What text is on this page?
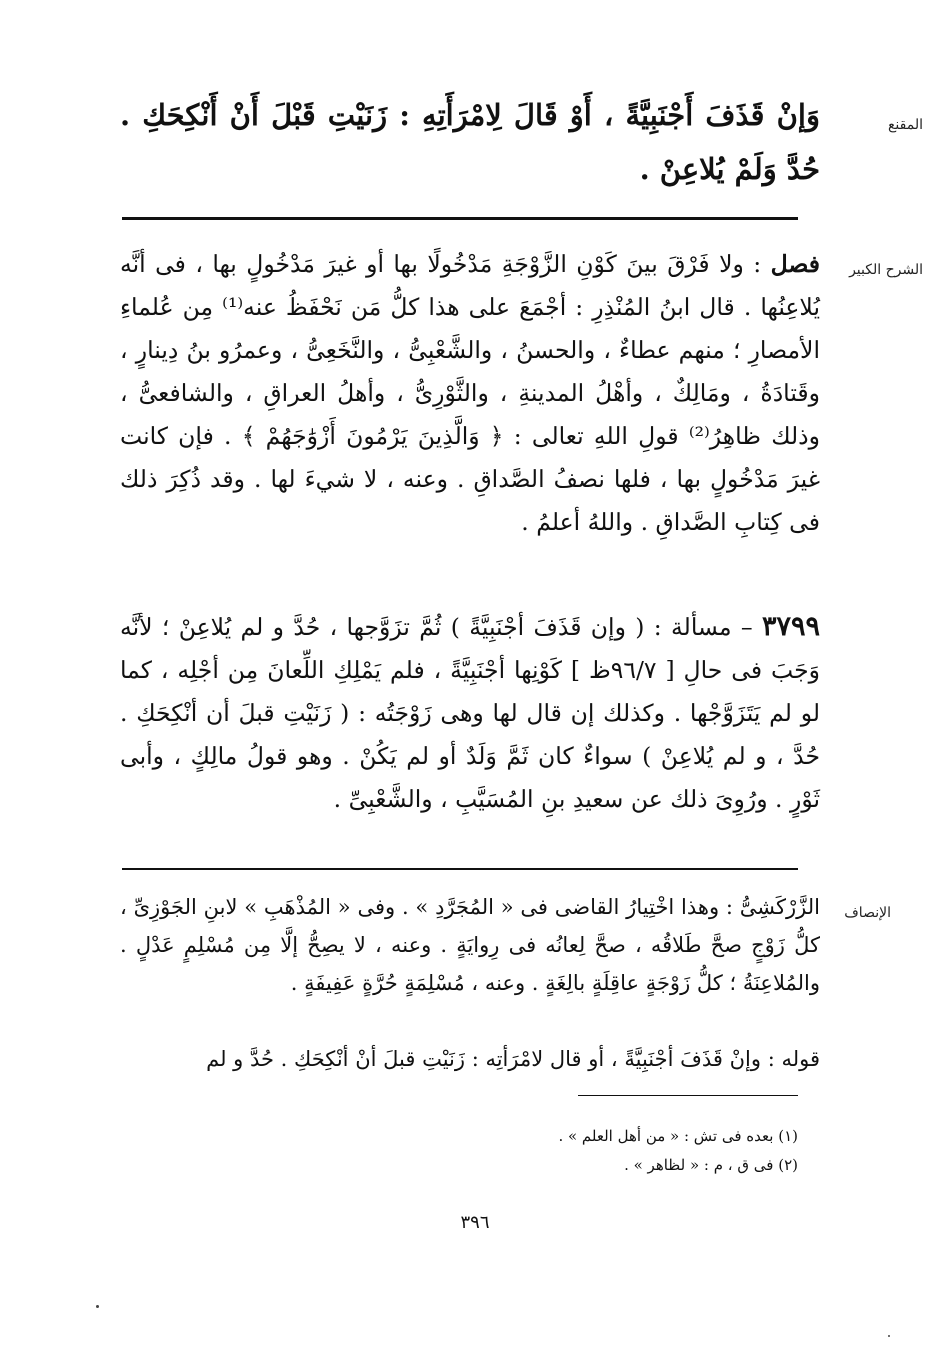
المقنع
وَإنْ قَذَفَ أَجْنَبِيَّةً ، أَوْ قَالَ لِامْرَأَتِهِ : زَنَيْتِ قَبْلَ أَنْ أَنْكِحَكِ . حُدَّ وَلَمْ يُلاعِنْ .
الشرح الكبير
فصل : ولا فَرْقَ بينَ كَوْنِ الزَّوْجَةِ مَدْخُولًا بها أو غيرَ مَدْخُولٍ بها ، فى أنَّه يُلاعِنُها . قال ابنُ المُنْذِرِ : أجْمَعَ على هذا كلُّ مَن نَحْفَظُ عنه⁽¹⁾ مِن عُلماءِ الأمصارِ ؛ منهم عطاءٌ ، والحسنُ ، والشَّعْبِىُّ ، والنَّخَعِىُّ ، وعمرُو بنُ دِينارٍ ، وقَتادَةُ ، ومَالِكٌ ، وأهْلُ المدينةِ ، والثَّوْرِىُّ ، وأهلُ العراقِ ، والشافعىُّ ، وذلك ظاهِرُ⁽²⁾ قولِ اللهِ تعالى : ﴿ وَالَّذِينَ يَرْمُونَ أَزْوَٰجَهُمْ ﴾ . فإن كانت غيرَ مَدْخُولٍ بها ، فلها نصفُ الصَّداقِ . وعنه ، لا شيءَ لها . وقد ذُكِرَ ذلك فى كِتابِ الصَّداقِ . واللهُ أعلمُ .
٣٧٩٩ – مسألة : ( وإن قَذَفَ أجْنَبِيَّةً ) ثُمَّ تزَوَّجها ، حُدَّ و لم يُلاعِنْ ؛ لأنَّه وَجَبَ فى حالِ [ ٩٦/٧ظ ] كَوْنِها أجْنَبِيَّةً ، فلم يَمْلِكِ اللِّعانَ مِن أجْلِه ، كما لو لم يَتَزَوَّجْها . وكذلك إن قال لها وهى زَوْجَتُه : ( زَنَيْتِ قبلَ أن أنْكِحَكِ . حُدَّ ، و لم يُلاعِنْ ) سواءٌ كان ثَمَّ وَلَدٌ أو لم يَكُنْ . وهو قولُ مالِكٍ ، وأبى ثَوْرٍ . ورُوِىَ ذلك عن سعيدِ بنِ المُسَيَّبِ ، والشَّعْبِىِّ .
الإنصاف
الزَّرْكَشِىُّ : وهذا اخْتِيارُ القاضى فى « المُجَرَّدِ » . وفى « المُذْهَبِ » لابنِ الجَوْزِىِّ ، كلُّ زَوْجٍ صحَّ طَلاقُه ، صحَّ لِعانُه فى رِوايَةٍ . وعنه ، لا يصِحُّ إلَّا مِن مُسْلِمٍ عَدْلٍ . والمُلاعِنَةُ ؛ كلُّ زَوْجَةٍ عاقِلَةٍ بالِغَةٍ . وعنه ، مُسْلِمَةٍ حُرَّةٍ عَفِيفَةٍ .
قوله : وإنْ قَذَفَ أجْنَبِيَّةً ، أو قال لامْرَأتِه : زَنَيْتِ قبلَ أنْ أنْكِحَكِ . حُدَّ و لم
(١) بعده فى تش : « من أهل العلم » .
(٢) فى ق ، م : « لظاهر » .
٣٩٦
